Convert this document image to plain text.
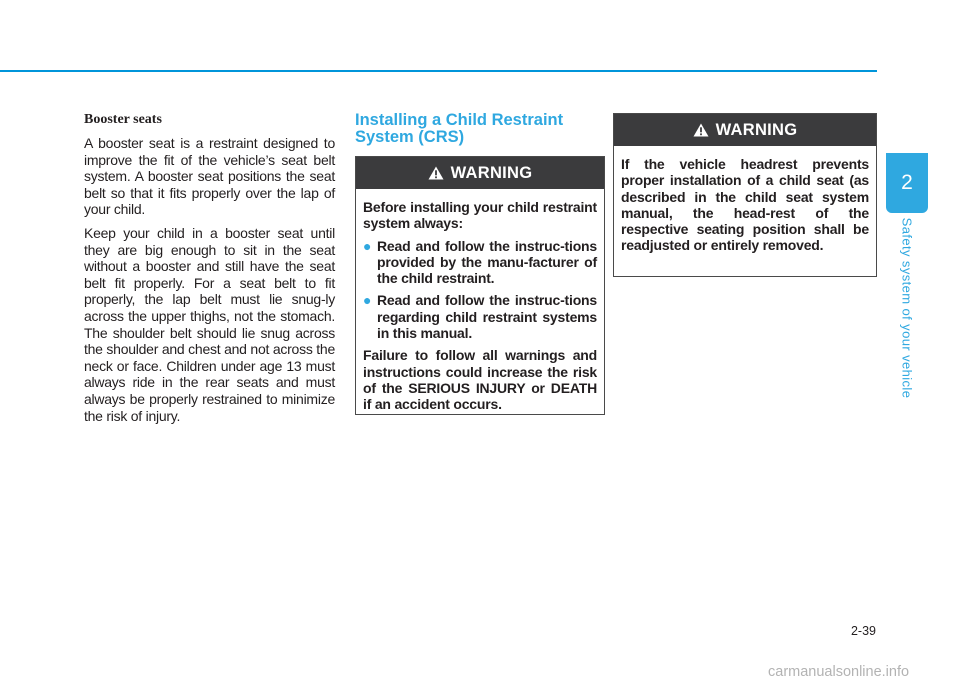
Booster seats

A booster seat is a restraint designed to improve the fit of the vehicle’s seat belt system. A booster seat positions the seat belt so that it fits properly over the lap of your child.

Keep your child in a booster seat until they are big enough to sit in the seat without a booster and still have the seat belt fit properly. For a seat belt to fit properly, the lap belt must lie snug-ly across the upper thighs, not the stomach. The shoulder belt should lie snug across the shoulder and chest and not across the neck or face. Children under age 13 must always ride in the rear seats and must always be properly restrained to minimize the risk of injury.

Installing a Child Restraint System (CRS)
WARNING

Before installing your child restraint system always:

● Read and follow the instruc-tions provided by the manu-facturer of the child restraint.
● Read and follow the instruc-tions regarding child restraint systems in this manual.

Failure to follow all warnings and instructions could increase the risk of the SERIOUS INJURY or DEATH if an accident occurs.

WARNING

If the vehicle headrest prevents proper installation of a child seat (as described in the child seat system manual, the head-rest of the respective seating position shall be readjusted or entirely removed.

2
Safety system of your vehicle
2-39
carmanualsonline.info
